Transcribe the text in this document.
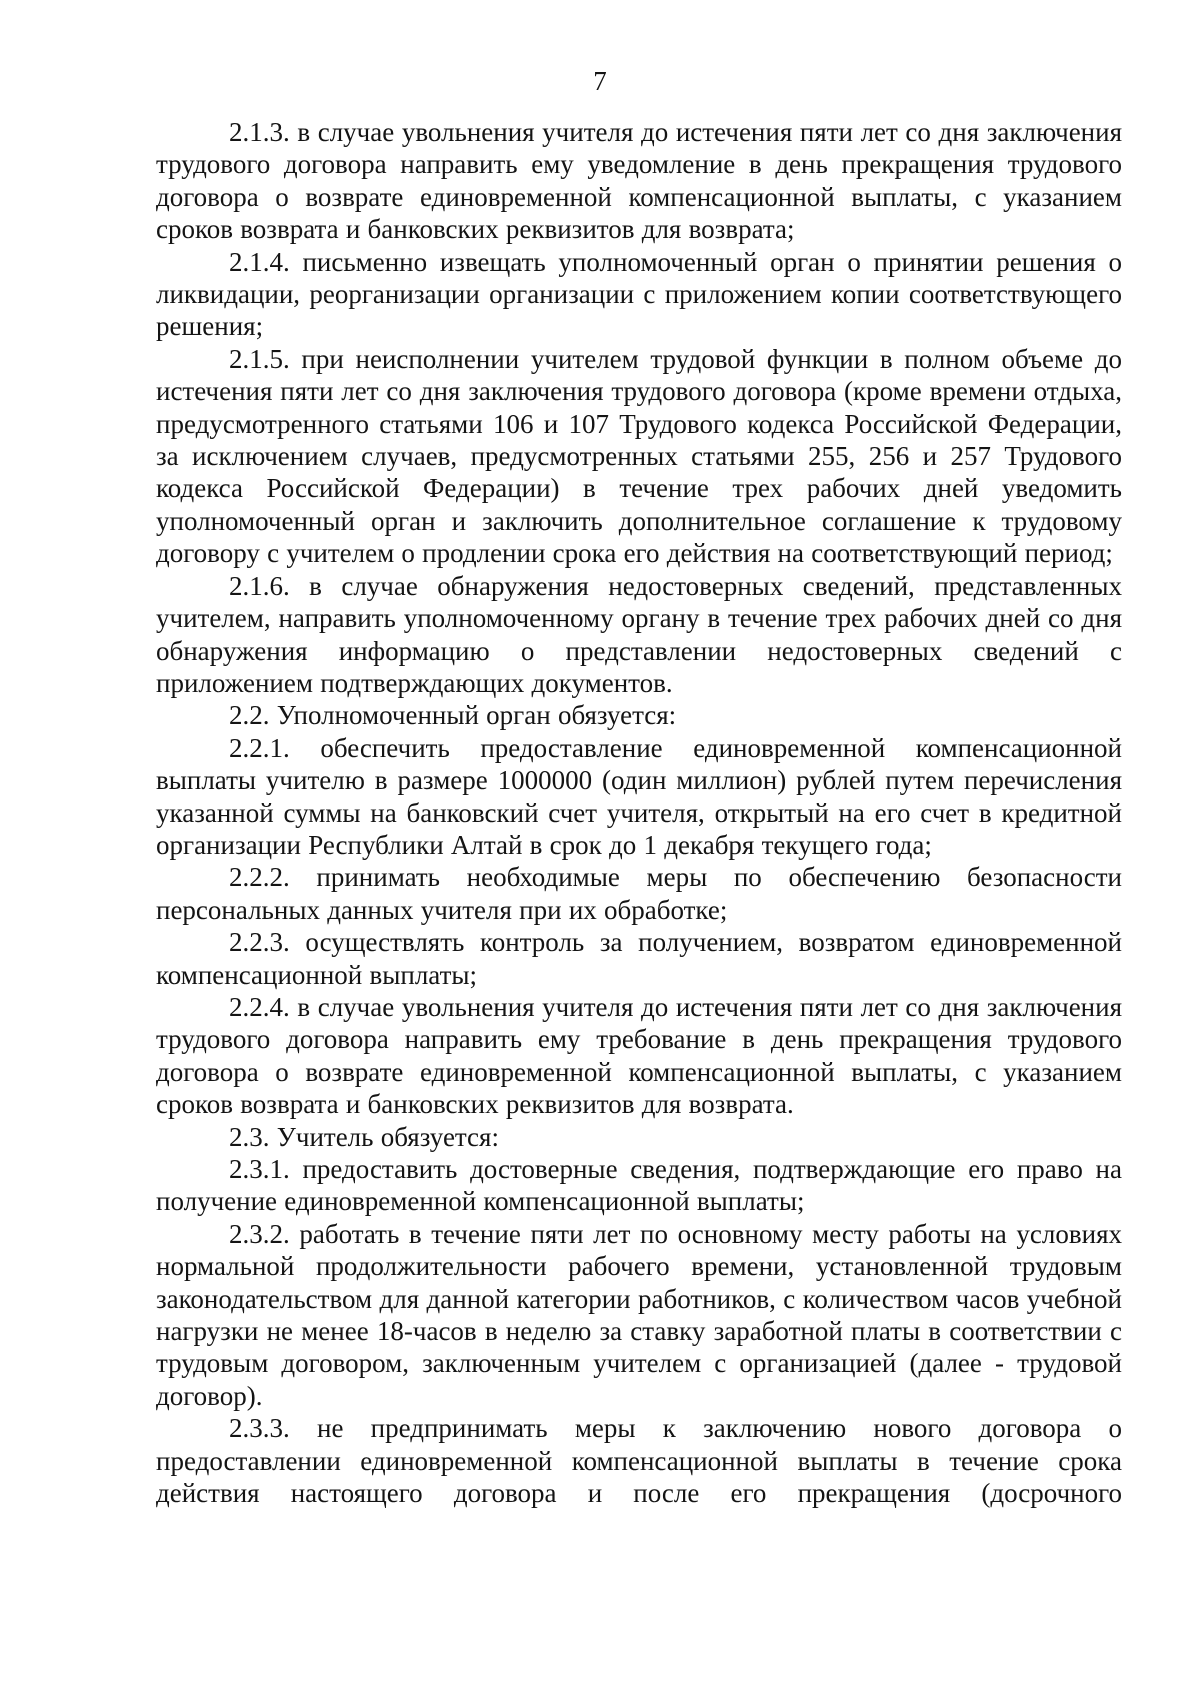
7

2.1.3. в случае увольнения учителя до истечения пяти лет со дня заключения трудового договора направить ему уведомление в день прекращения трудового договора о возврате единовременной компенсационной выплаты, с указанием сроков возврата и банковских реквизитов для возврата;

2.1.4. письменно извещать уполномоченный орган о принятии решения о ликвидации, реорганизации организации с приложением копии соответствующего решения;

2.1.5. при неисполнении учителем трудовой функции в полном объеме до истечения пяти лет со дня заключения трудового договора (кроме времени отдыха, предусмотренного статьями 106 и 107 Трудового кодекса Российской Федерации, за исключением случаев, предусмотренных статьями 255, 256 и 257 Трудового кодекса Российской Федерации) в течение трех рабочих дней уведомить уполномоченный орган и заключить дополнительное соглашение к трудовому договору с учителем о продлении срока его действия на соответствующий период;

2.1.6. в случае обнаружения недостоверных сведений, представленных учителем, направить уполномоченному органу в течение трех рабочих дней со дня обнаружения информацию о представлении недостоверных сведений с приложением подтверждающих документов.

2.2. Уполномоченный орган обязуется:

2.2.1. обеспечить предоставление единовременной компенсационной выплаты учителю в размере 1000000 (один миллион) рублей путем перечисления указанной суммы на банковский счет учителя, открытый на его счет в кредитной организации Республики Алтай в срок до 1 декабря текущего года;

2.2.2. принимать необходимые меры по обеспечению безопасности персональных данных учителя при их обработке;

2.2.3. осуществлять контроль за получением, возвратом единовременной компенсационной выплаты;

2.2.4. в случае увольнения учителя до истечения пяти лет со дня заключения трудового договора направить ему требование в день прекращения трудового договора о возврате единовременной компенсационной выплаты, с указанием сроков возврата и банковских реквизитов для возврата.

2.3. Учитель обязуется:

2.3.1. предоставить достоверные сведения, подтверждающие его право на получение единовременной компенсационной выплаты;

2.3.2. работать в течение пяти лет по основному месту работы на условиях нормальной продолжительности рабочего времени, установленной трудовым законодательством для данной категории работников, с количеством часов учебной нагрузки не менее 18-часов в неделю за ставку заработной платы в соответствии с трудовым договором, заключенным учителем с организацией (далее - трудовой договор).

2.3.3. не предпринимать меры к заключению нового договора о предоставлении единовременной компенсационной выплаты в течение срока действия настоящего договора и после его прекращения (досрочного
